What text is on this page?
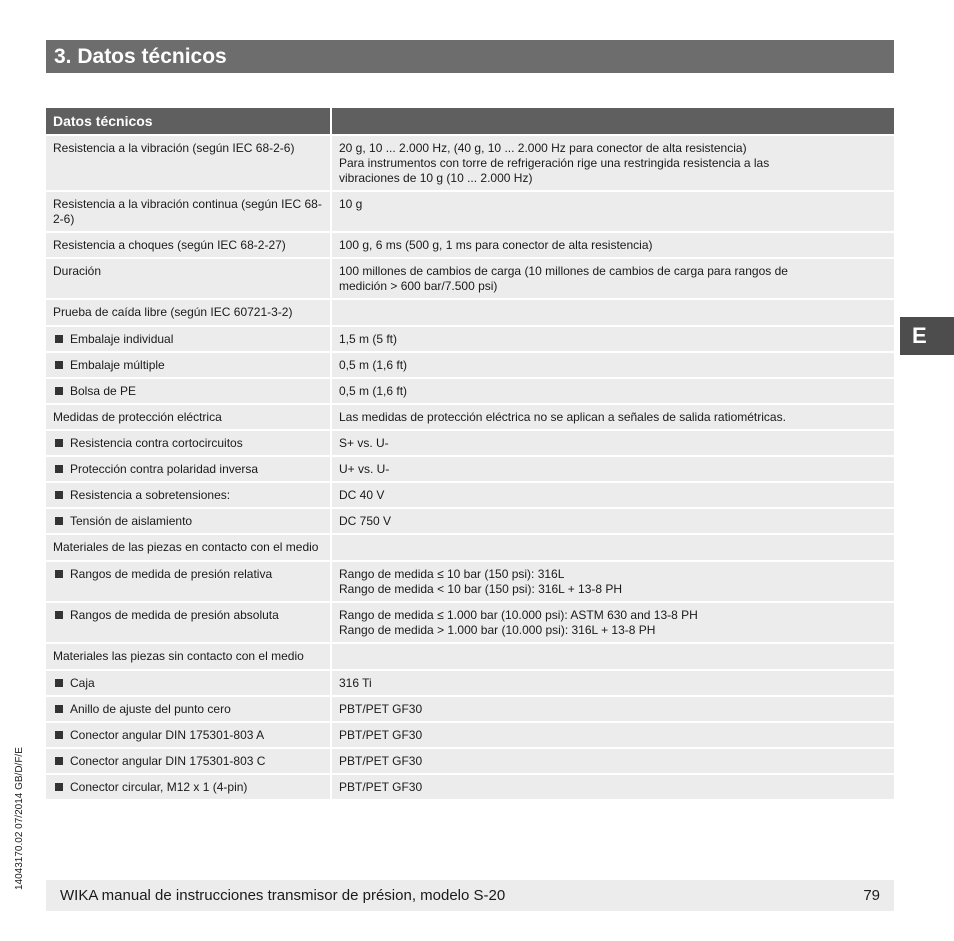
3. Datos técnicos
Datos técnicos	
Resistencia a la vibración (según IEC 68-2-6)	20 g, 10 ... 2.000 Hz, (40 g, 10 ... 2.000 Hz para conector de alta resistencia)
Para instrumentos con torre de refrigeración rige una restringida resistencia a las
vibraciones de 10 g (10 ... 2.000 Hz)

Resistencia a la vibración continua (según IEC 68-2-6)	10 g

Resistencia a choques (según IEC 68-2-27)	100 g, 6 ms (500 g, 1 ms para conector de alta resistencia)

Duración	100 millones de cambios de carga (10 millones de cambios de carga para rangos de
medición > 600 bar/7.500 psi)

Prueba de caída libre (según IEC 60721-3-2)	

Embalaje individual	1,5 m (5 ft)

Embalaje múltiple	0,5 m (1,6 ft)

Bolsa de PE	0,5 m (1,6 ft)

Medidas de protección eléctrica	Las medidas de protección eléctrica no se aplican a señales de salida ratiométricas.

Resistencia contra cortocircuitos	S+ vs. U-

Protección contra polaridad inversa	U+ vs. U-

Resistencia a sobretensiones:	DC 40 V

Tensión de aislamiento	DC 750 V

Materiales de las piezas en contacto con el medio	

Rangos de medida de presión relativa	Rango de medida ≤ 10 bar (150 psi): 316L
Rango de medida < 10 bar (150 psi): 316L + 13-8 PH

Rangos de medida de presión absoluta	Rango de medida ≤ 1.000 bar (10.000 psi): ASTM 630 and 13-8 PH
Rango de medida > 1.000 bar (10.000 psi): 316L + 13-8 PH

Materiales las piezas sin contacto con el medio	

Caja	316 Ti

Anillo de ajuste del punto cero	PBT/PET GF30

Conector angular DIN 175301-803 A	PBT/PET GF30

Conector angular DIN 175301-803 C	PBT/PET GF30

Conector circular, M12 x 1 (4-pin)	PBT/PET GF30
E
14043170.02 07/2014 GB/D/F/E
WIKA manual de instrucciones transmisor de présion, modelo S-20	79
